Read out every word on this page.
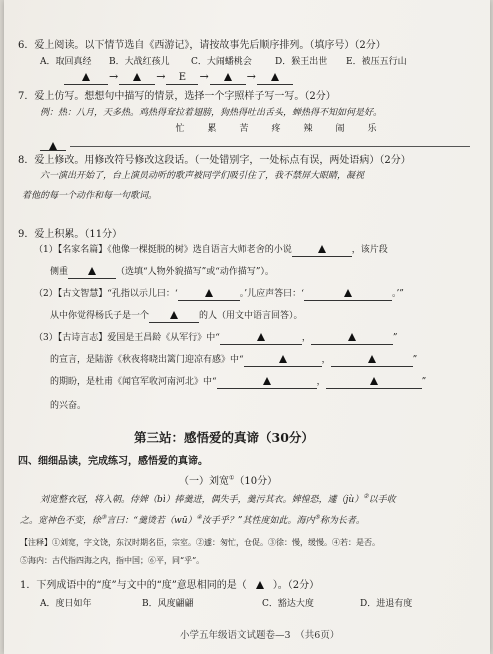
6．爱上阅读。以下情节选自《西游记》，请按故事先后顺序排列。（填序号）（2分）
A．取回真经 B．大战红孩儿 C．大闹蟠桃会	D．猴王出世 E．被压五行山
→	→ E →	→
7．爱上仿写。想想句中描写的情景，选择一个字照样子写一写。（2分）
例：热：八月，天多热。鸡热得耷拉着翅膀，狗热得吐出舌头，蝉热得不知如何是好。
忙	累	苦	疼	辣	闹	乐
8．爱上修改。用修改符号修改这段话。（一处错别字，一处标点有误，两处语病）（2分）
六一演出开始了，台上演员动听的歌声被同学们吸引住了，我不禁屏大眼睛，凝视
着他的每一个动作和每一句歌词。
9．爱上积累。（11分）
（1）【名家名篇】《他像一棵挺脱的树》选自语言大师老舍的小说	，该片段
侧重	（选填“人物外貌描写”或“动作描写”）。
（2）【古文智慧】“孔指以示儿曰：‘	。’儿应声答曰：‘	。’”
从中你觉得杨氏子是一个	的人（用文中语言回答）。
（3）【古诗言志】爱国是王昌龄《从军行》中“	，	”
的宣言，是陆游《秋夜将晓出篱门迎凉有感》中“	，	”
的期盼，是杜甫《闻官军收河南河北》中“	，	”
的兴奋。
第三站：感悟爱的真谛（30分）
四、细细品读，完成练习，感悟爱的真谛。
（一）刘宽①（10分）
刘宽整衣冠，将入朝。侍婢（bì）捧羹进，偶失手，羹污其衣。婢惶恐，遽（jù）②以手收
之。宽神色不变，徐③言曰：“羹烫若（wū）④汝手乎？”其性度如此。海内⑤称为长者。
【注释】①刘宽，字文饶，东汉时期名臣，宗室。②遽：匆忙，仓促。③徐：慢，缓慢。④若：是否。
⑤海内：古代指四海之内，指中国；⑥平，同“乎”。
1．下列成语中的“度”与文中的“度”意思相同的是（	）。（2分）
A．度日如年	B．风度翩翩	C．豁达大度	D．进退有度
小学五年级语文试题卷—3　（共6页）
